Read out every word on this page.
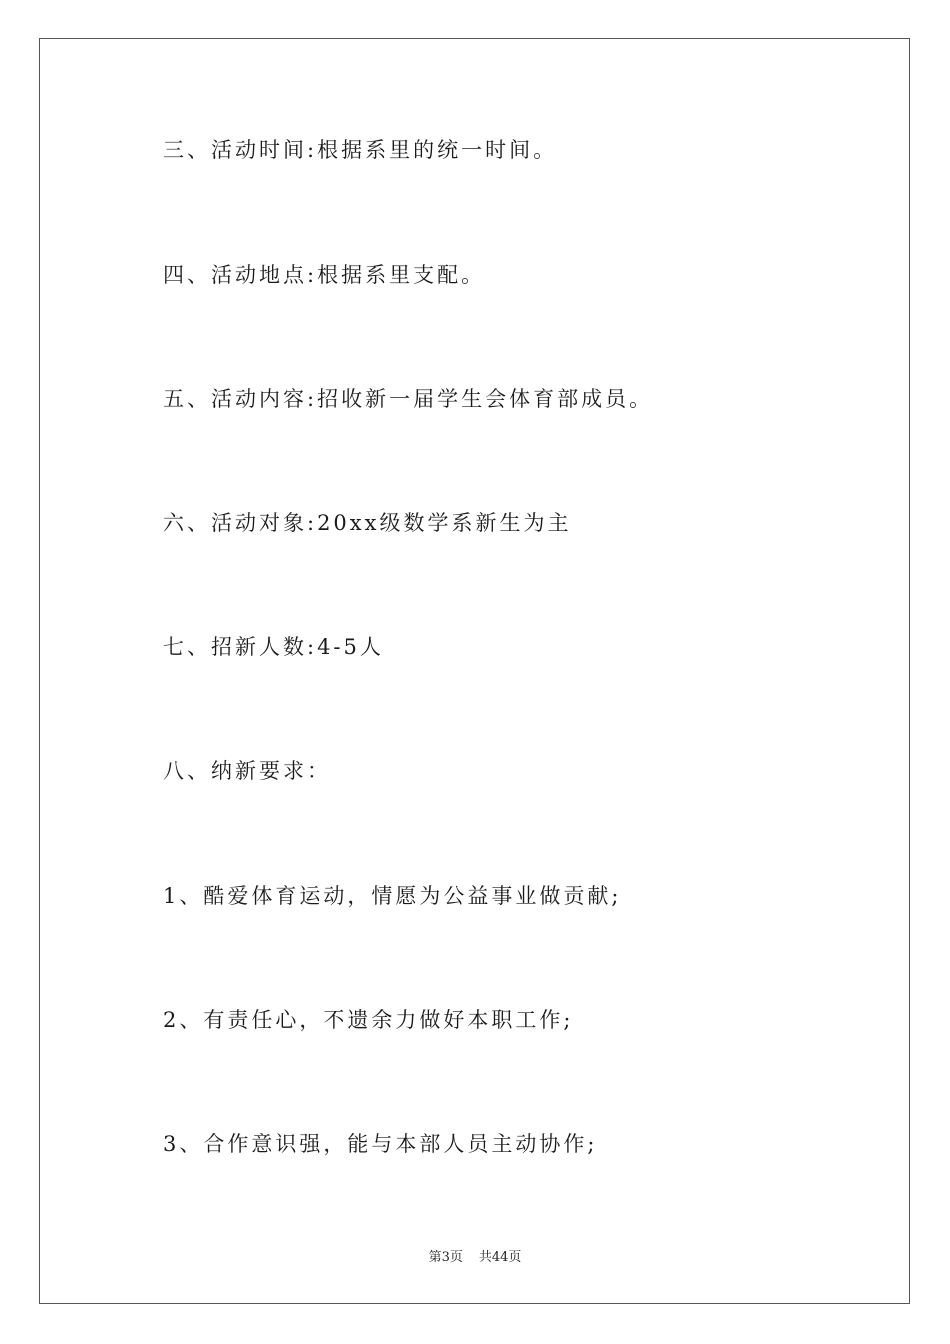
三、活动时间:根据系里的统一时间。
四、活动地点:根据系里支配。
五、活动内容:招收新一届学生会体育部成员。
六、活动对象:20xx级数学系新生为主
七、招新人数:4-5人
八、纳新要求：
1、酷爱体育运动，情愿为公益事业做贡献;
2、有责任心，不遗余力做好本职工作;
3、合作意识强，能与本部人员主动协作;
第3页 共44页
